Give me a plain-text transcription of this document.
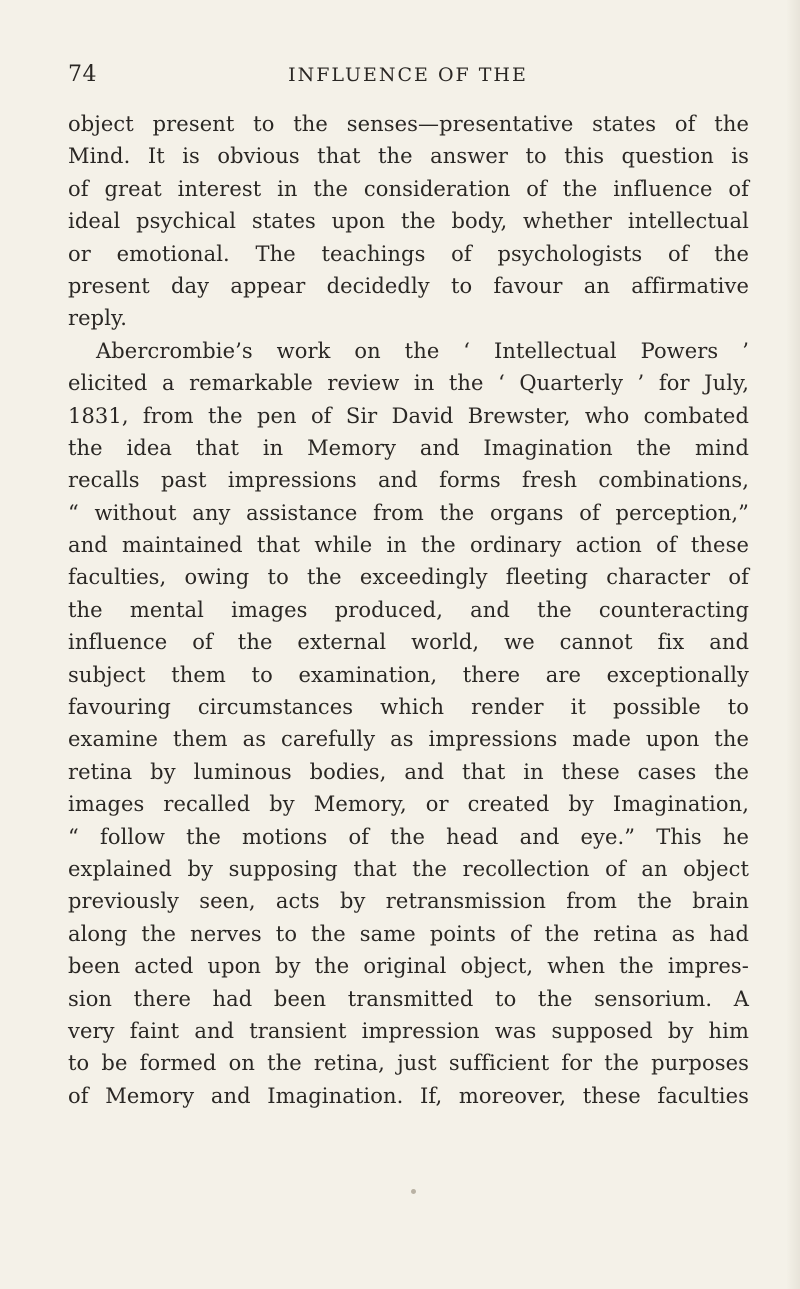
74	INFLUENCE OF THE
object present to the senses—presentative states of the
Mind. It is obvious that the answer to this question is
of great interest in the consideration of the influence of
ideal psychical states upon the body, whether intellectual
or emotional. The teachings of psychologists of the
present day appear decidedly to favour an affirmative
reply.
Abercrombie’s work on the ‘ Intellectual Powers ’
elicited a remarkable review in the ‘ Quarterly ’ for July,
1831, from the pen of Sir David Brewster, who combated
the idea that in Memory and Imagination the mind
recalls past impressions and forms fresh combinations,
“ without any assistance from the organs of perception,”
and maintained that while in the ordinary action of these
faculties, owing to the exceedingly fleeting character of
the mental images produced, and the counteracting
influence of the external world, we cannot fix and
subject them to examination, there are exceptionally
favouring circumstances which render it possible to
examine them as carefully as impressions made upon the
retina by luminous bodies, and that in these cases the
images recalled by Memory, or created by Imagination,
“ follow the motions of the head and eye.” This he
explained by supposing that the recollection of an object
previously seen, acts by retransmission from the brain
along the nerves to the same points of the retina as had
been acted upon by the original object, when the impres-
sion there had been transmitted to the sensorium. A
very faint and transient impression was supposed by him
to be formed on the retina, just sufficient for the purposes
of Memory and Imagination. If, moreover, these faculties
